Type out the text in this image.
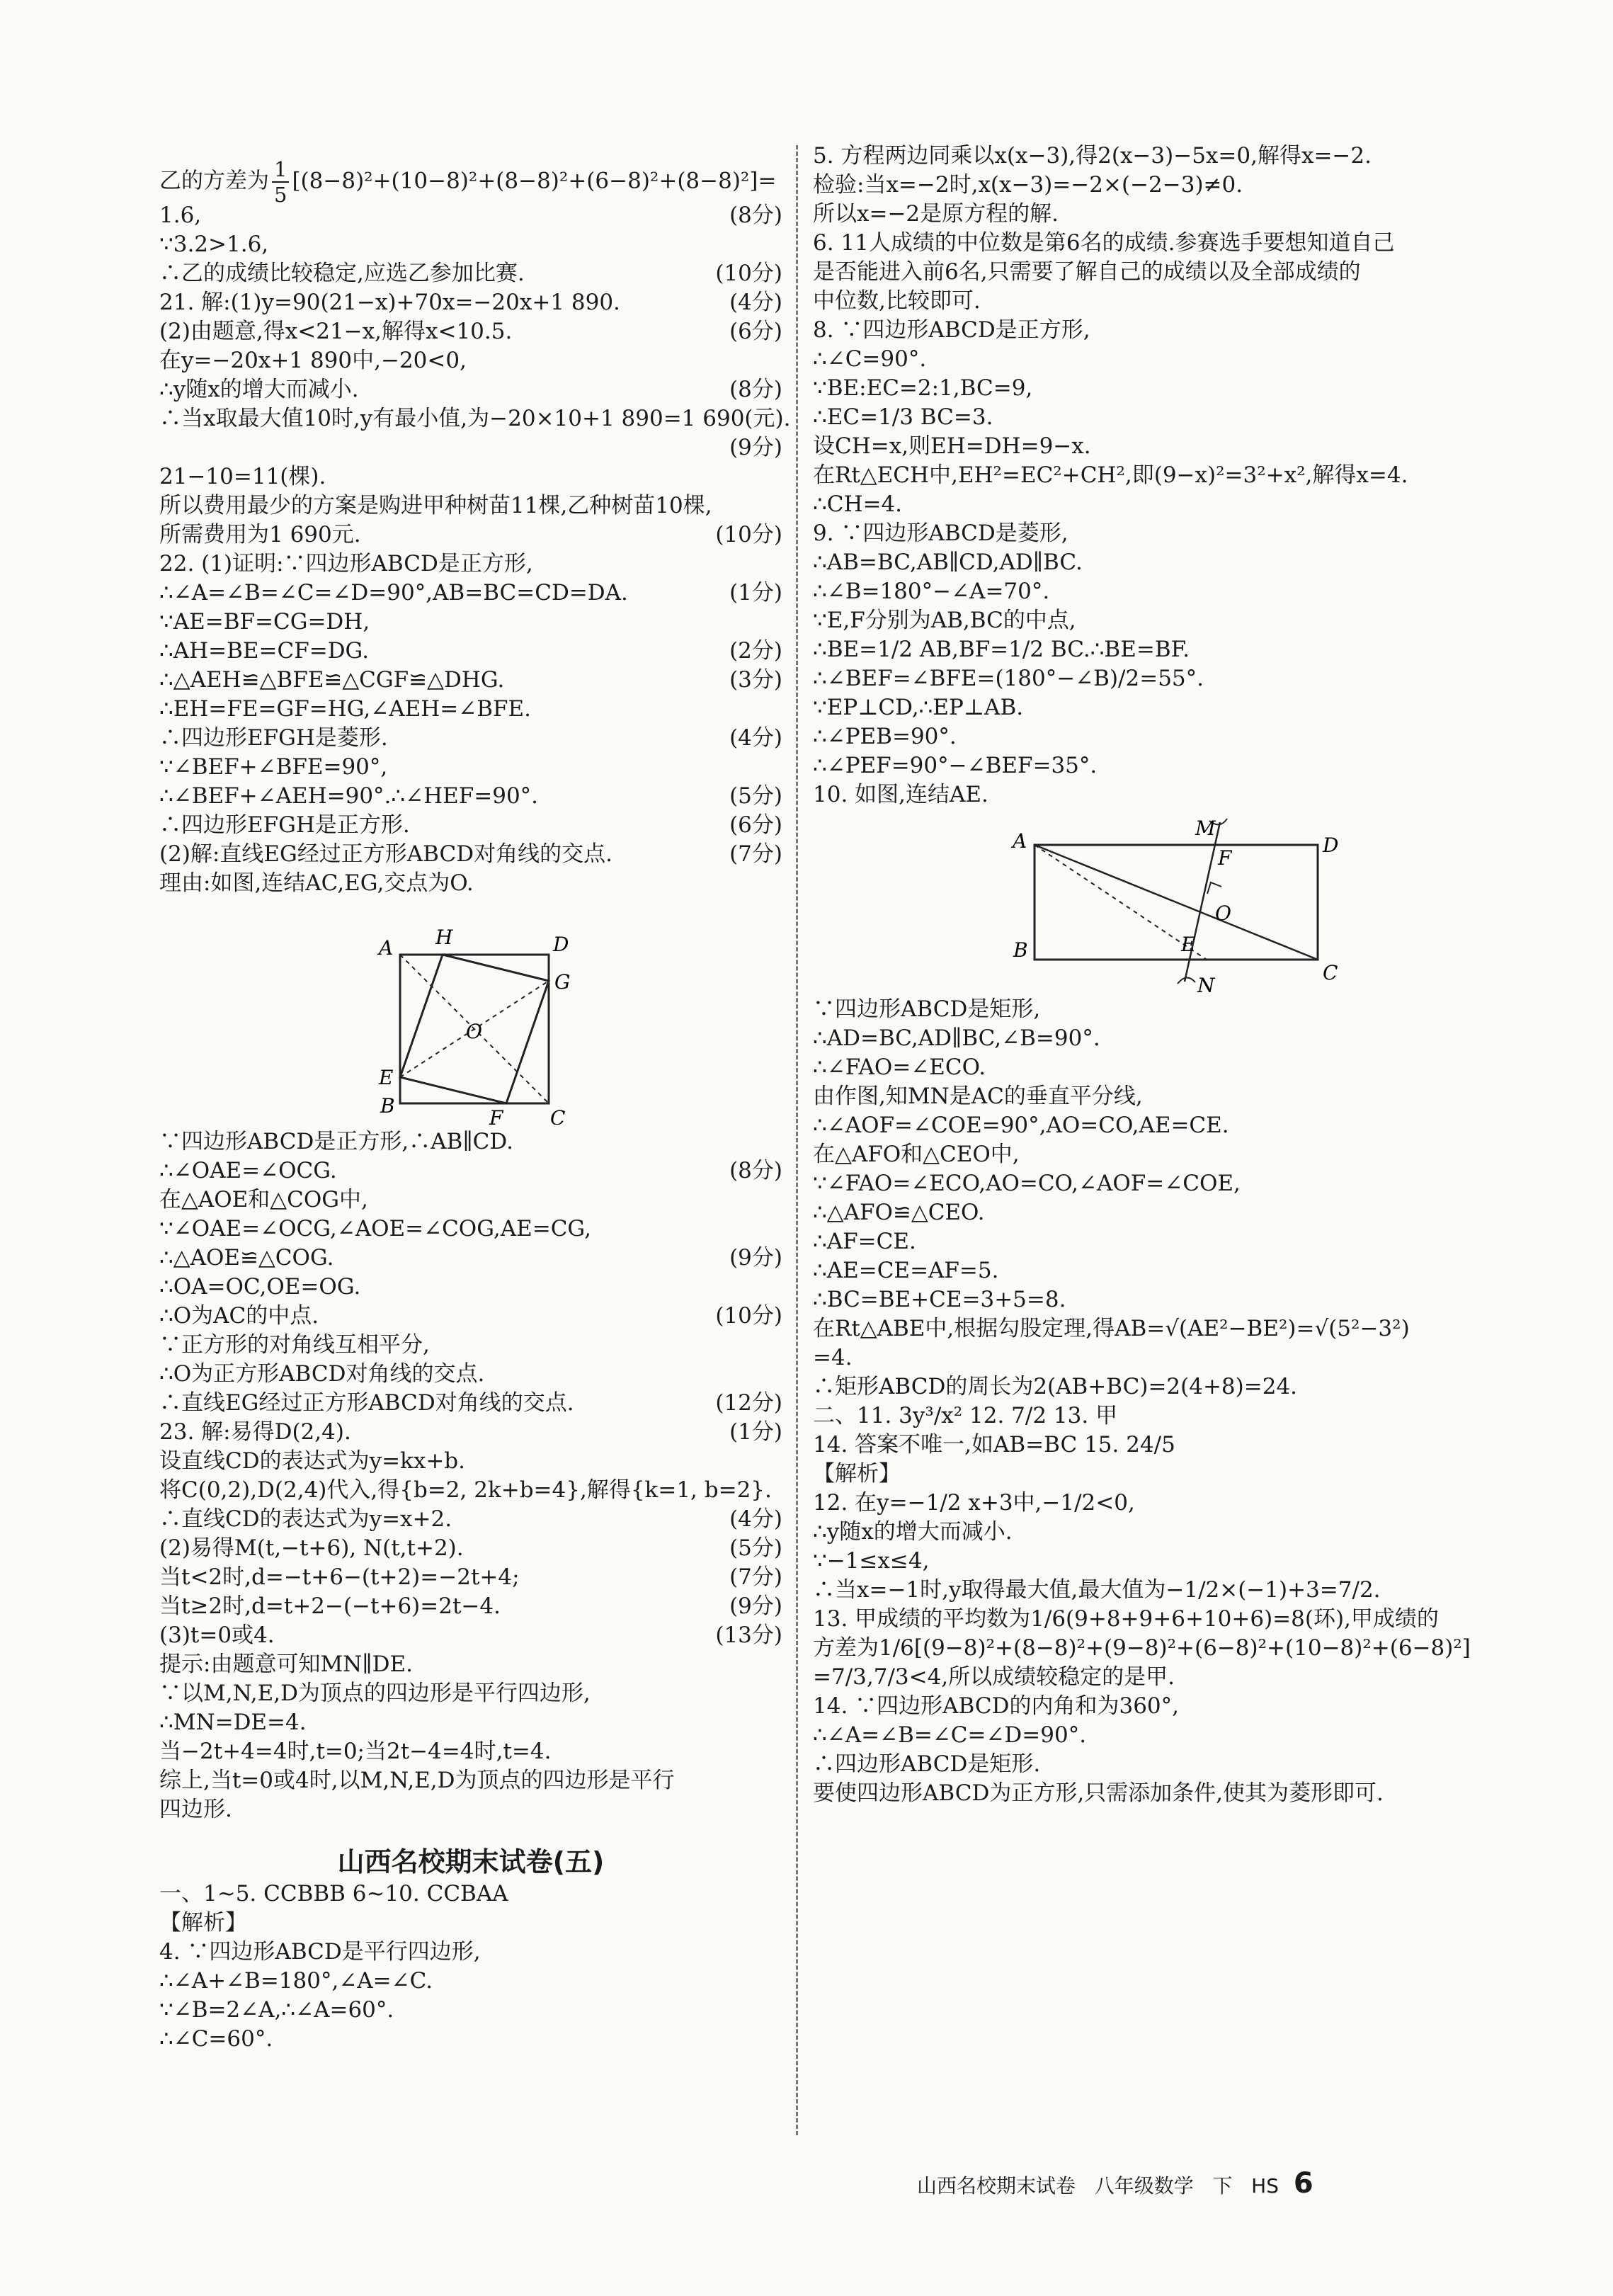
乙的方差为 $\frac{1}{5} [(8-8)^2+(10-8)^2+(8-8)^2+(6-8)^2+(8-8)^2]=$
1.6,	(8分)
∵3.2>1.6,
∴乙的成绩比较稳定,应选乙参加比赛.	(10分)
21. 解:(1)y=90(21−x)+70x=−20x+1 890.	(4分)
(2)由题意,得x<21−x,解得x<10.5.	(6分)
在y=−20x+1 890中,−20<0,
∴y随x的增大而减小.	(8分)
∴当x取最大值10时,y有最小值,为−20×10+1 890=1 690(元).
(9分)
21−10=11(棵).
所以费用最少的方案是购进甲种树苗11棵,乙种树苗10棵,
所需费用为1 690元.	(10分)
22. (1)证明:∵四边形ABCD是正方形,
∴∠A=∠B=∠C=∠D=90°,AB=BC=CD=DA.	(1分)
∵AE=BF=CG=DH,
∴AH=BE=CF=DG.	(2分)
∴△AEH≌△BFE≌△CGF≌△DHG.	(3分)
∴EH=FE=GF=HG,∠AEH=∠BFE.
∴四边形EFGH是菱形.	(4分)
∵∠BEF+∠BFE=90°,
∴∠BEF+∠AEH=90°.∴∠HEF=90°.	(5分)
∴四边形EFGH是正方形.	(6分)
(2)解:直线EG经过正方形ABCD对角线的交点.	(7分)
理由:如图,连结AC,EG,交点为O.
A H	D
G
E
O
B
F C
∵四边形ABCD是正方形,∴AB∥CD.
∴∠OAE=∠OCG.	(8分)
在△AOE和△COG中,
∵∠OAE=∠OCG,∠AOE=∠COG,AE=CG,
∴△AOE≌△COG.	(9分)
∴OA=OC,OE=OG.
∴O为AC的中点.	(10分)
∵正方形的对角线互相平分,
∴O为正方形ABCD对角线的交点.
∴直线EG经过正方形ABCD对角线的交点.	(12分)
23. 解:易得D(2,4).	(1分)
设直线CD的表达式为y=kx+b.
将C(0,2),D(2,4)代入,得{b=2, 2k+b=4},解得{k=1, b=2}.
∴直线CD的表达式为y=x+2.	(4分)
(2)易得M(t,−t+6), N(t,t+2).	(5分)
当t<2时,d=−t+6−(t+2)=−2t+4;	(7分)
当t≥2时,d=t+2−(−t+6)=2t−4.	(9分)
(3)t=0或4.	(13分)
提示:由题意可知MN∥DE.
∵以M,N,E,D为顶点的四边形是平行四边形,
∴MN=DE=4.
当−2t+4=4时,t=0;当2t−4=4时,t=4.
综上,当t=0或4时,以M,N,E,D为顶点的四边形是平行
四边形.
山西名校期末试卷(五)
一、1~5. CCBBB 6~10. CCBAA
【解析】
4. ∵四边形ABCD是平行四边形,
∴∠A+∠B=180°,∠A=∠C.
∵∠B=2∠A,∴∠A=60°.
∴∠C=60°.
5. 方程两边同乘以x(x−3),得2(x−3)−5x=0,解得x=−2.
检验:当x=−2时,x(x−3)=−2×(−2−3)≠0.
所以x=−2是原方程的解.
6. 11人成绩的中位数是第6名的成绩.参赛选手要想知道自己
是否能进入前6名,只需要了解自己的成绩以及全部成绩的
中位数,比较即可.
8. ∵四边形ABCD是正方形,
∴∠C=90°.
∵BE:EC=2:1,BC=9,
∴EC=1/3 BC=3.
设CH=x,则EH=DH=9−x.
在Rt△ECH中,EH²=EC²+CH²,即(9−x)²=3²+x²,解得x=4.
∴CH=4.
9. ∵四边形ABCD是菱形,
∴AB=BC,AB∥CD,AD∥BC.
∴∠B=180°−∠A=70°.
∵E,F分别为AB,BC的中点,
∴BE=1/2 AB,BF=1/2 BC.∴BE=BF.
∴∠BEF=∠BFE=(180°−∠B)/2=55°.
∵EP⊥CD,∴EP⊥AB.
∴∠PEB=90°.
∴∠PEF=90°−∠BEF=35°.
10. 如图,连结AE.
A
M
F
D
O
B	E
C
N
∵四边形ABCD是矩形,
∴AD=BC,AD∥BC,∠B=90°.
∴∠FAO=∠ECO.
由作图,知MN是AC的垂直平分线,
∴∠AOF=∠COE=90°,AO=CO,AE=CE.
在△AFO和△CEO中,
∵∠FAO=∠ECO,AO=CO,∠AOF=∠COE,
∴△AFO≌△CEO.
∴AF=CE.
∴AE=CE=AF=5.
∴BC=BE+CE=3+5=8.
在Rt△ABE中,根据勾股定理,得AB=√(AE²−BE²)=√(5²−3²)
=4.
∴矩形ABCD的周长为2(AB+BC)=2(4+8)=24.
二、11. 3y³/x² 12. 7/2 13. 甲
14. 答案不唯一,如AB=BC 15. 24/5
【解析】
12. 在y=−1/2 x+3中,−1/2<0,
∴y随x的增大而减小.
∵−1≤x≤4,
∴当x=−1时,y取得最大值,最大值为−1/2×(−1)+3=7/2.
13. 甲成绩的平均数为1/6(9+8+9+6+10+6)=8(环),甲成绩的
方差为1/6[(9−8)²+(8−8)²+(9−8)²+(6−8)²+(10−8)²+(6−8)²]
=7/3,7/3<4,所以成绩较稳定的是甲.
14. ∵四边形ABCD的内角和为360°,
∴∠A=∠B=∠C=∠D=90°.
∴四边形ABCD是矩形.
要使四边形ABCD为正方形,只需添加条件,使其为菱形即可.
山西名校期末试卷 八年级数学 下 HS 6
